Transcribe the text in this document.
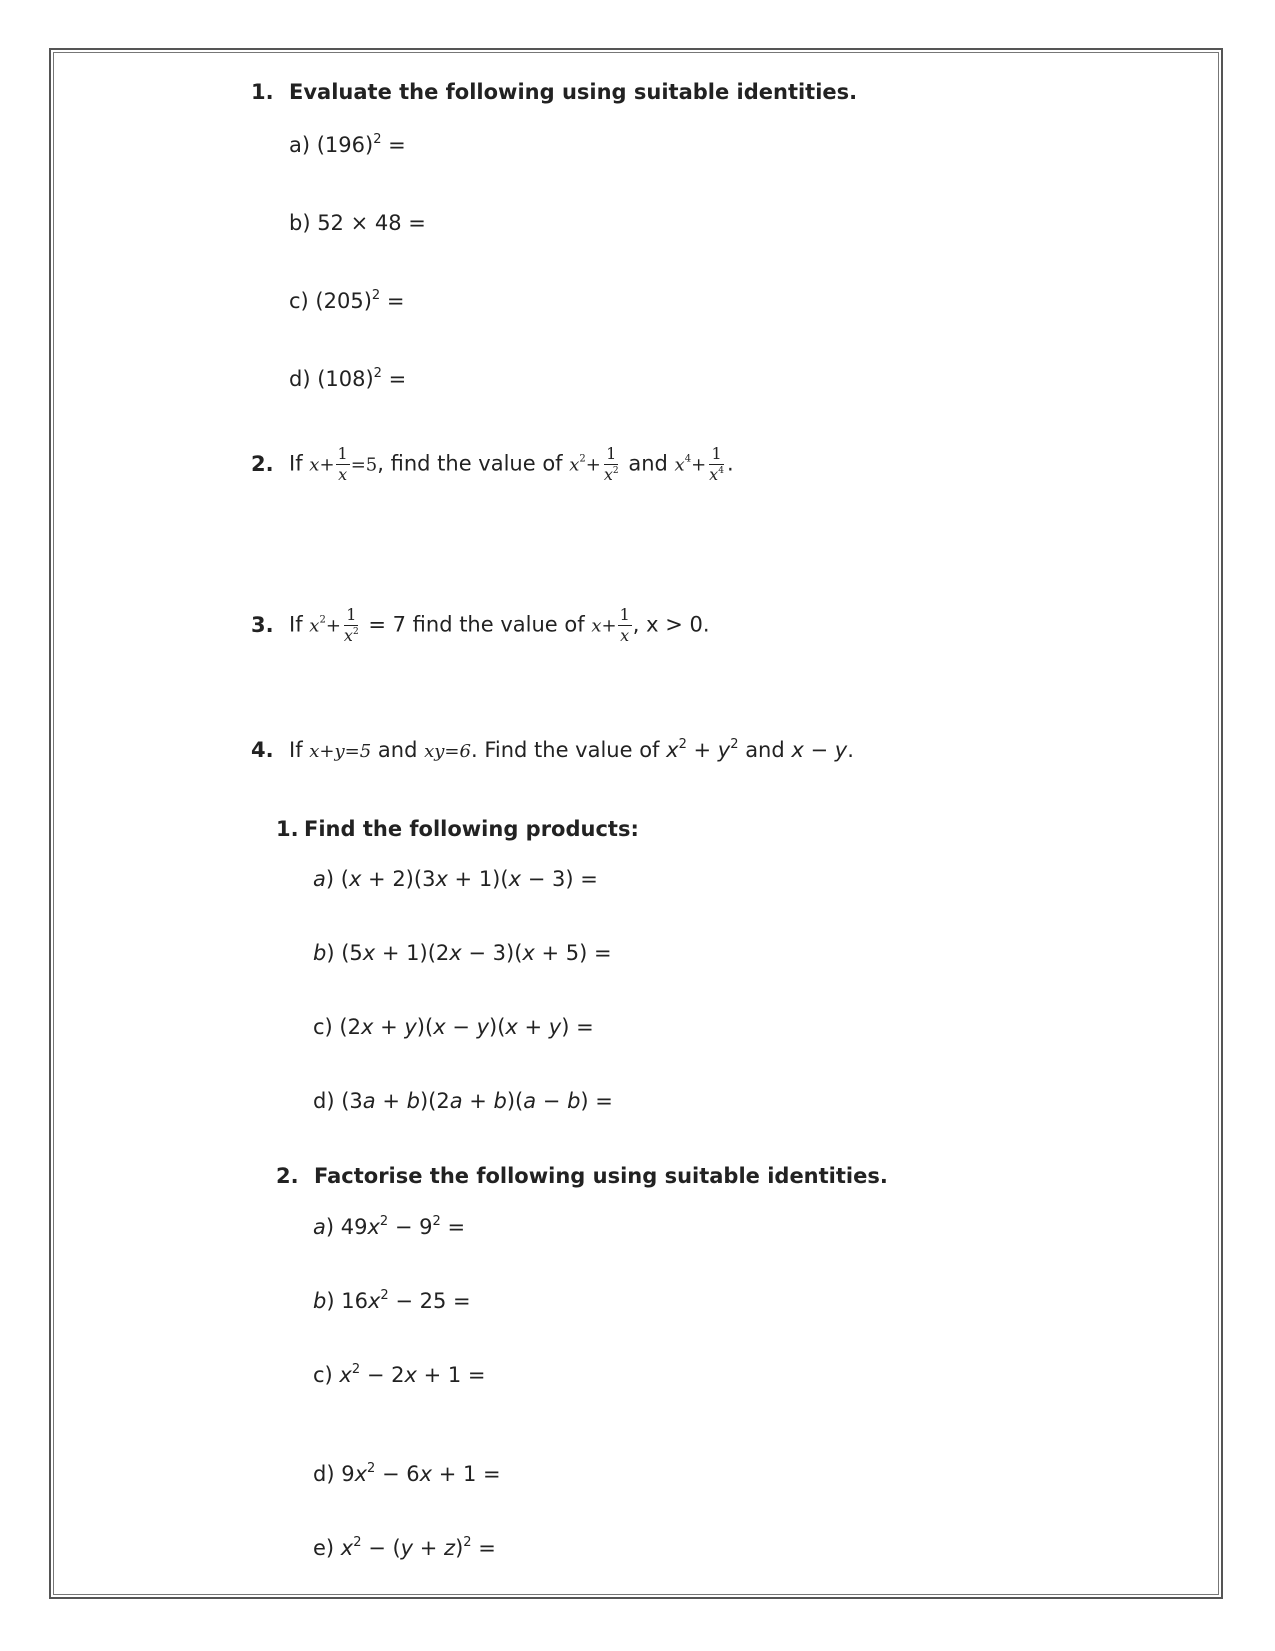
1. Evaluate the following using suitable identities.
a) $(196)^2$ =
b) 52 × 48 =
c) $(205)^2$ =
d) $(108)^2$ =
2. If $x+ \frac{1}{x} =5$, find the value of $x^2+ \frac{1}{x^2}$ and $x^4+ \frac{1}{x^4}$ .
3. If $x^2+ \frac{1}{x^2} = 7$ find the value of $x+ \frac{1}{x}$ , x > 0.
4. If x+y=5 and xy=6. Find the value of $x^2 + y^2$ and x − y.
1. Find the following products:
a) (x + 2)(3x + 1)(x − 3) =
b) (5x + 1)(2x − 3)(x + 5) =
c) (2x + y)(x − y)(x + y) =
d) (3a + b)(2a + b)(a − b) =
2. Factorise the following using suitable identities.
a) $49x^2 - 9^2$ =
b) $16x^2 - 25$ =
c) $x^2 - 2x + 1$ =
d) $9x^2 - 6x + 1$ =
e) $x^2 - (y + z)^2$ =
